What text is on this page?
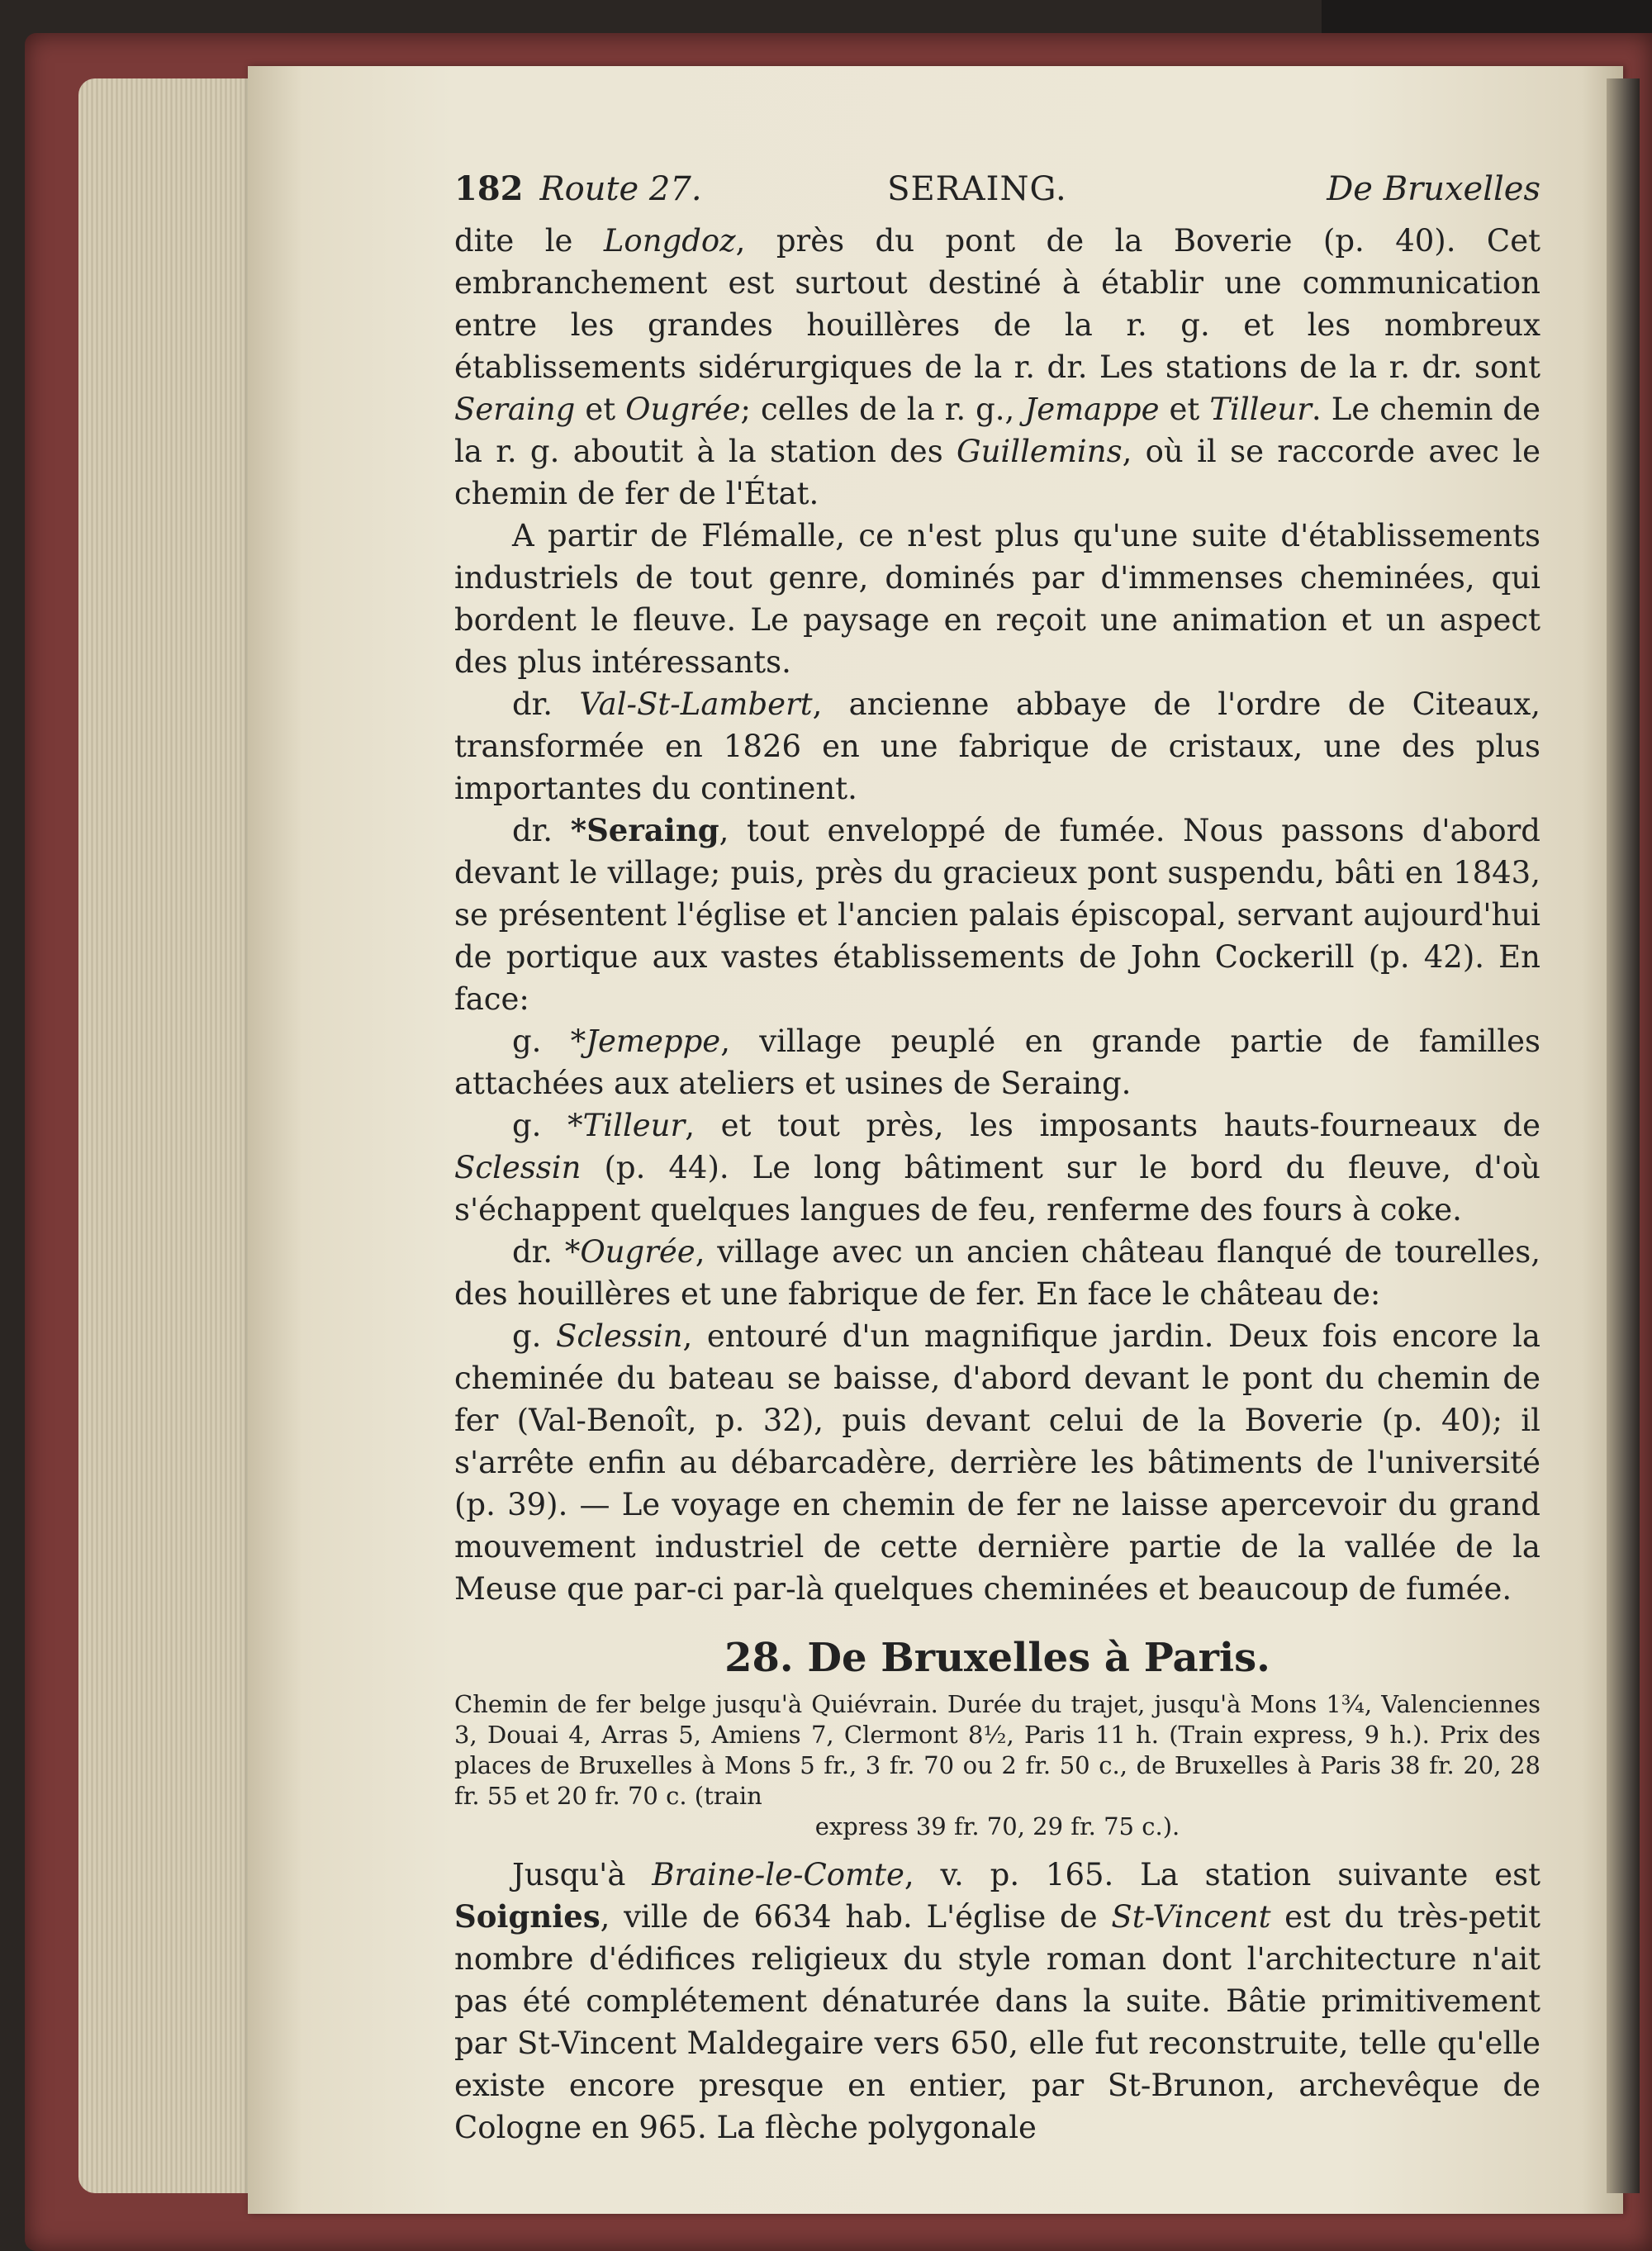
182 Route 27.	SERAING.	De Bruxelles

dite le Longdoz, près du pont de la Boverie (p. 40). Cet embranchement est surtout destiné à établir une communication entre les grandes houillères de la r. g. et les nombreux établissements sidérurgiques de la r. dr. Les stations de la r. dr. sont Seraing et Ougrée; celles de la r. g., Jemappe et Tilleur. Le chemin de la r. g. aboutit à la station des Guillemins, où il se raccorde avec le chemin de fer de l'État.

A partir de Flémalle, ce n'est plus qu'une suite d'établissements industriels de tout genre, dominés par d'immenses cheminées, qui bordent le fleuve. Le paysage en reçoit une animation et un aspect des plus intéressants.

dr. Val-St-Lambert, ancienne abbaye de l'ordre de Citeaux, transformée en 1826 en une fabrique de cristaux, une des plus importantes du continent.

dr. *Seraing, tout enveloppé de fumée. Nous passons d'abord devant le village; puis, près du gracieux pont suspendu, bâti en 1843, se présentent l'église et l'ancien palais épiscopal, servant aujourd'hui de portique aux vastes établissements de John Cockerill (p. 42). En face:

g. *Jemeppe, village peuplé en grande partie de familles attachées aux ateliers et usines de Seraing.

g. *Tilleur, et tout près, les imposants hauts-fourneaux de Sclessin (p. 44). Le long bâtiment sur le bord du fleuve, d'où s'échappent quelques langues de feu, renferme des fours à coke.

dr. *Ougrée, village avec un ancien château flanqué de tourelles, des houillères et une fabrique de fer. En face le château de:

g. Sclessin, entouré d'un magnifique jardin. Deux fois encore la cheminée du bateau se baisse, d'abord devant le pont du chemin de fer (Val-Benoît, p. 32), puis devant celui de la Boverie (p. 40); il s'arrête enfin au débarcadère, derrière les bâtiments de l'université (p. 39). — Le voyage en chemin de fer ne laisse apercevoir du grand mouvement industriel de cette dernière partie de la vallée de la Meuse que par-ci par-là quelques cheminées et beaucoup de fumée.

28. De Bruxelles à Paris.
Chemin de fer belge jusqu'à Quiévrain. Durée du trajet, jusqu'à Mons 1¾, Valenciennes 3, Douai 4, Arras 5, Amiens 7, Clermont 8½, Paris 11 h. (Train express, 9 h.). Prix des places de Bruxelles à Mons 5 fr., 3 fr. 70 ou 2 fr. 50 c., de Bruxelles à Paris 38 fr. 20, 28 fr. 55 et 20 fr. 70 c. (train
express 39 fr. 70, 29 fr. 75 c.).

Jusqu'à Braine-le-Comte, v. p. 165. La station suivante est Soignies, ville de 6634 hab. L'église de St-Vincent est du très-petit nombre d'édifices religieux du style roman dont l'architecture n'ait pas été complétement dénaturée dans la suite. Bâtie primitivement par St-Vincent Maldegaire vers 650, elle fut reconstruite, telle qu'elle existe encore presque en entier, par St-Brunon, archevêque de Cologne en 965. La flèche polygonale
